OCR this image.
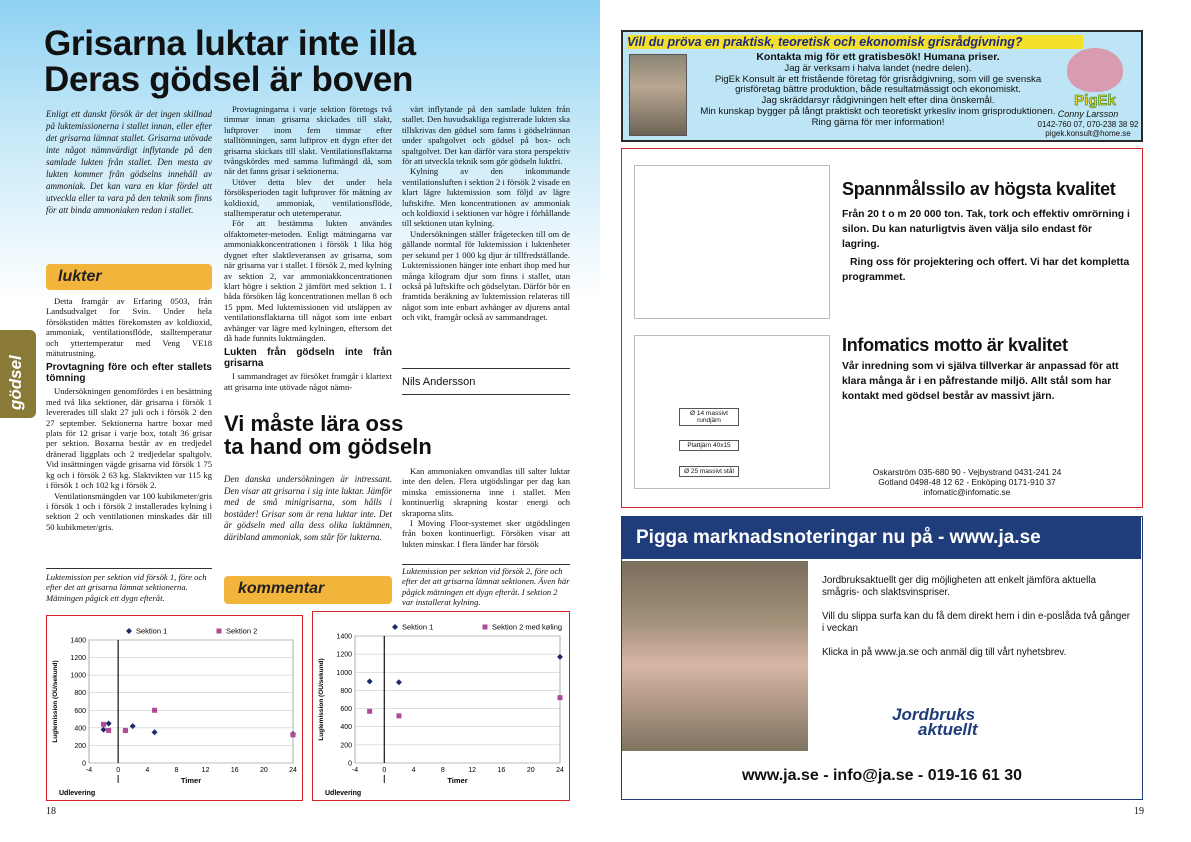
Grisarna luktar inte illa
Deras gödsel är boven
gödsel
Enligt ett danskt försök är det ingen skillnad på luktemissionerna i stallet innan, eller efter det grisarna lämnat stallet. Grisarna utövade inte något nämnvärdigt inflytande på den samlade lukten från stallet. Den mesta av lukten kommer från gödselns innehåll av ammoniak. Det kan vara en klar fördel att utveckla eller ta vara på den teknik som finns för att binda ammoniaken redan i stallet.
lukter

Detta framgår av Erfaring 0503, från Landsudvalget for Svin. Under hela försökstiden mättes förekomsten av koldioxid, ammoniak, ventilationsflöde, stalltemperatur och yttertemperatur med Veng VE18 mätutrustning.

Provtagning före och efter stallets tömning

Undersökningen genomfördes i en besättning med två lika sektioner, där grisarna i försök 1 levererades till slakt 27 juli och i försök 2 den 27 september. Sektionerna hartre boxar med plats för 12 grisar i varje box, totalt 36 grisar per sektion. Boxarna består av en tredjedel dränerad liggplats och 2 tredjedelar spaltgolv. Vid insättningen vägde grisarna vid försök 1 75 kg och i försök 2 63 kg. Slaktvikten var 115 kg i försök 1 och 102 kg i försök 2.

Ventilationsmängden var 100 kubikmeter/gris i försök 1 och i försök 2 installerades kylning i sektion 2 och ventilationen minskades där till 50 kubikmeter/gris.

Provtagningarna i varje sektion företogs två timmar innan grisarna skickades till slakt, luftprover inom fem timmar efter stalltömningen, samt luftprov ett dygn efter det grisarna skickats till slakt. Ventilationsflaktarna tvångskördes med samma luftmängd då, som när det fanns grisar i sektionerna.

Utöver detta blev det under hela försöksperioden tagit luftprover för mätning av koldioxid, ammoniak, ventilationsflöde, stalltemperatur och utetemperatur.

För att bestämma lukten användes olfaktometer-metoden. Enligt mätningarna var ammoniakkoncentrationen i försök 1 lika hög dygnet efter slaktleveransen av grisarna, som när grisarna var i stallet. I försök 2, med kylning av sektion 2, var ammoniakkoncentrationen klart högre i sektion 2 jämfört med sektion 1. I båda försöken låg koncentrationen mellan 8 och 15 ppm. Med luktemissionen vid utsläppen av ventilationsflaktarna till något som inte enbart avhänger var lägre med kylningen, eftersom det då hade funnits luktmängden.

Lukten från gödseln inte från grisarna

I sammandraget av försöket framgår i klartext att grisarna inte utövade något nämn-

värt inflytande på den samlade lukten från stallet. Den huvudsakliga registrerade lukten ska tillskrivas den gödsel som fanns i gödselrännan under spaltgolvet och gödsel på box- och spaltgolvet. Det kan därför vara stora perspektiv för att utveckla teknik som gör gödseln luktfri.

Kylning av den inkommande ventilationsluften i sektion 2 i försök 2 visade en klart lägre luktemission som följd av lägre luftskifte. Men koncentrationen av ammoniak och koldioxid i sektionen var högre i förhållande till sektionen utan kylning.

Undersökningen ställer frågetecken till om de gällande normtal för luktemission i luktenheter per sekund per 1 000 kg djur är tillfredställande. Luktemissionen hänger inte enbart ihop med hur många kilogram djur som finns i stallet, utan också på luftskifte och gödselytan. Därför bör en framtida beräkning av luktemission relateras till något som inte enbart avhänger av djurens antal och vikt, framgår också av sammandraget.

Nils Andersson
Vi måste lära oss
ta hand om gödseln
Den danska undersökningen är intressant. Den visar att grisarna i sig inte luktar. Jämför med de små minigrisarna, som hålls i bostäder! Grisar som är rena luktar inte. Det är gödseln med alla dess olika luktämnen, däribland ammoniak, som står för lukterna.
kommentar

Kan ammoniaken omvandlas till salter luktar inte den delen. Flera utgödslingar per dag kan minska emissionerna inne i stallet. Men kontinuerlig skrapning kostar energi och skraporna slits.

I Moving Floor-systemet sker utgödslingen från boxen kontinuerligt. Försöken visar att lukten minskar. I flera länder har försök

Luktemission per sektion vid försök 1, före och efter det att grisarna lämnat sektionerna. Mätningen pågick ett dygn efteråt.
Luktemission per sektion vid försök 2, före och efter det att grisarna lämnat sektionen. Även här pågick mätningen ett dygn efteråt. I sektion 2 var installerat kylning.
0
200
400
600
800
1000
1200
1400
-4	0	4	8	12	16	20	24
Udlevering
Timer
Luglemission (OU/sekund)
Sektion 1	Sektion 2
0
200
400
600
800
1000
1200
1400
-4	0	4	8	12	16	20	24
Udlevering
Timer
Luglemission (OU/sekund)
Sektion 1	Sektion 2 med køling
18
Vill du pröva en praktisk, teoretisk och ekonomisk grisrådgivning?
Kontakta mig för ett gratisbesök! Humana priser.
Jag är verksam i halva landet (nedre delen).
PigEk Konsult är ett fristående företag för grisrådgivning, som vill ge svenska grisföretag bättre produktion, både resultatmässigt och ekonomiskt.
Jag skräddarsyr rådgivningen helt efter dina önskemål.
Min kunskap bygger på långt praktiskt och teoretiskt yrkesliv inom grisproduktionen. Ring gärna för mer information!
PigEk
Conny Larsson
0142-760 07, 070-238 38 92
pigek.konsult@home.se
Ø 14 massivt rundjärn
Plattjärn 40x15
Ø 25 massivt stål
Spannmålssilo av högsta kvalitet
Från 20 t o m 20 000 ton. Tak, tork och effektiv omrörning i silon. Du kan naturligtvis även välja silo endast för lagring.
Ring oss för projektering och offert. Vi har det kompletta programmet.
Infomatics motto är kvalitet
Vår inredning som vi själva tillverkar är anpassad för att klara många år i en påfrestande miljö. Allt stål som har kontakt med gödsel består av massivt järn.
Oskarström 035-680 90 - Vejbystrand 0431-241 24
Gotland 0498-48 12 62 - Enköping 0171-910 37
infomatic@infomatic.se
Pigga marknadsnoteringar nu på - www.ja.se
Jordbruksaktuellt ger dig möjligheten att enkelt jämföra aktuella smågris- och slaktsvinspriser.
Vill du slippa surfa kan du få dem direkt hem i din e-poslåda två gånger i veckan
Klicka in på www.ja.se och anmäl dig till vårt nyhetsbrev.
Jordbruks
aktuellt
www.ja.se - info@ja.se - 019-16 61 30
19
